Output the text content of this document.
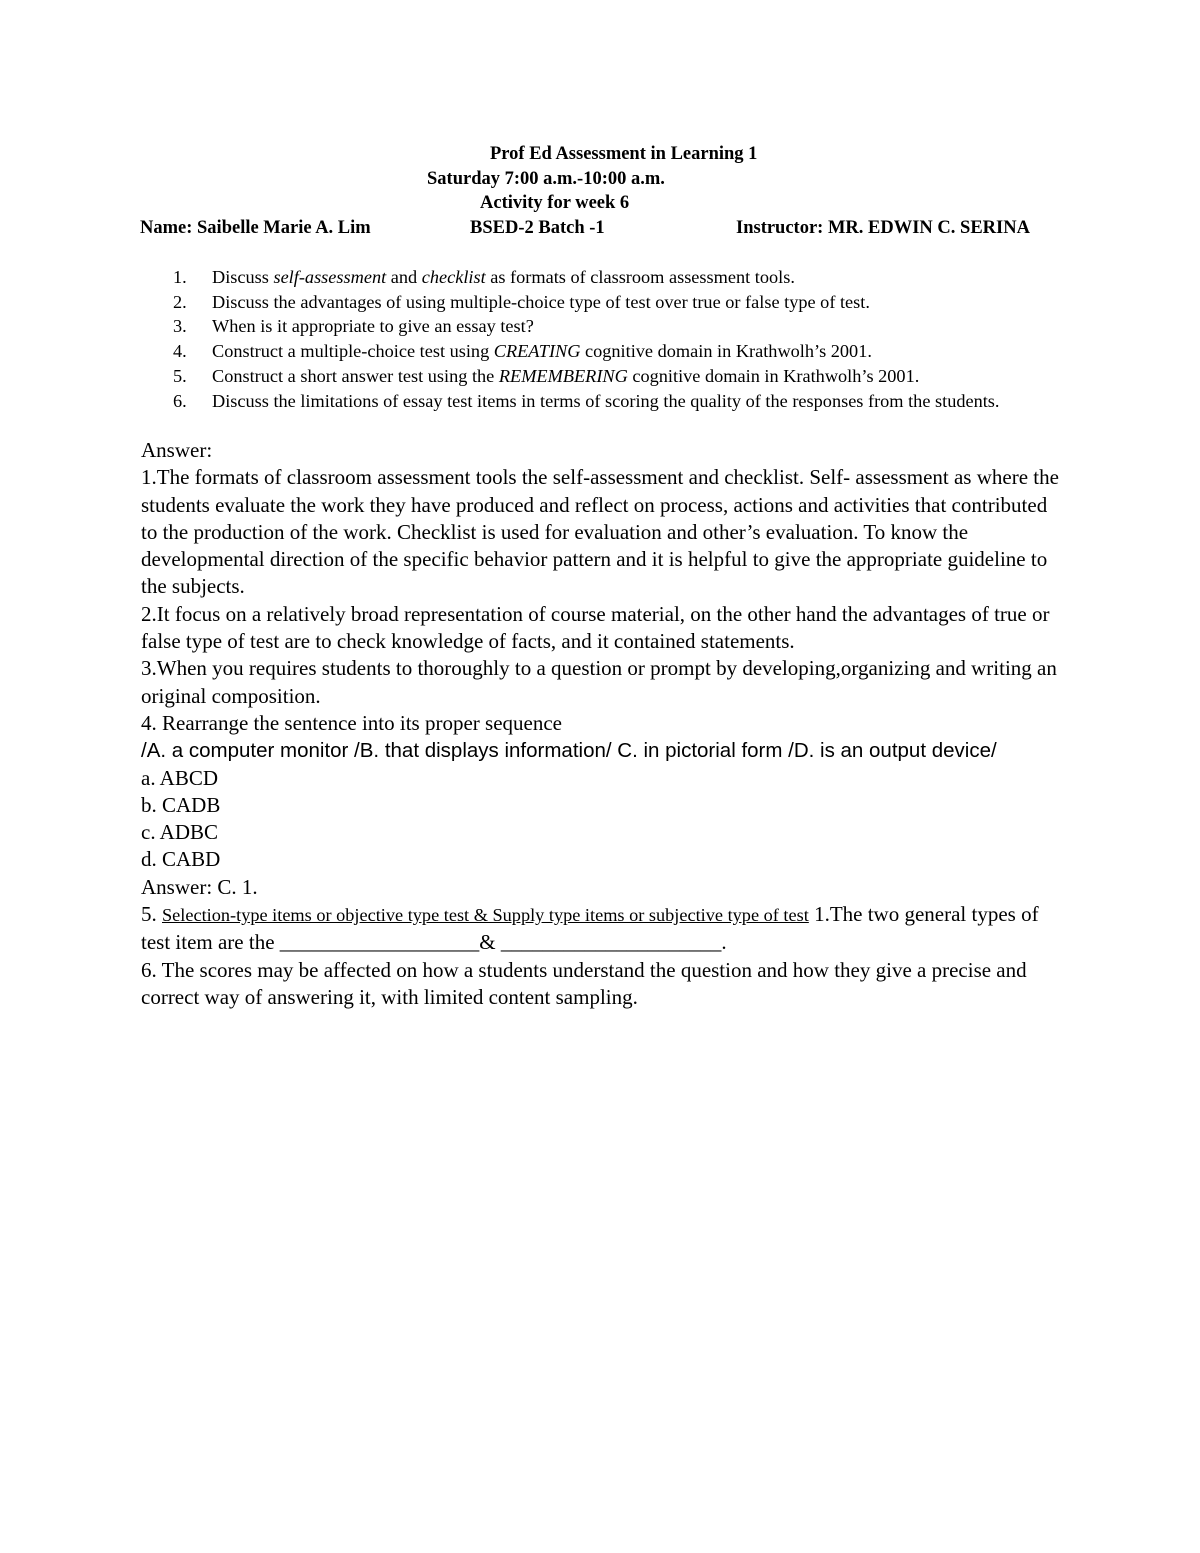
Prof Ed Assessment in Learning 1
Saturday 7:00 a.m.-10:00 a.m.
Activity for week 6
Name: Saibelle Marie A. Lim	BSED-2 Batch -1	Instructor: MR. EDWIN C. SERINA
1.	Discuss self-assessment and checklist as formats of classroom assessment tools.
2.	Discuss the advantages of using multiple-choice type of test over true or false type of test.
3.	When is it appropriate to give an essay test?
4.	Construct a multiple-choice test using CREATING cognitive domain in Krathwolh’s 2001.
5.	Construct a short answer test using the REMEMBERING cognitive domain in Krathwolh’s 2001.
6.	Discuss the limitations of essay test items in terms of scoring the quality of the responses from the students.

Answer:

1.The formats of classroom assessment tools the self-assessment and checklist. Self- assessment as where the students evaluate the work they have produced and reflect on process, actions and activities that contributed to the production of the work. Checklist is used for evaluation and other’s evaluation. To know the developmental direction of the specific behavior pattern and it is helpful to give the appropriate guideline to the subjects.

2.It focus on a relatively broad representation of course material, on the other hand the advantages of true or false type of test are to check knowledge of facts, and it contained statements.

3.When you requires students to thoroughly to a question or prompt by developing,organizing and writing an original composition.

4. Rearrange the sentence into its proper sequence

/A. a computer monitor /B. that displays information/ C. in pictorial form /D. is an output device/

a. ABCD

b. CADB

c. ADBC

d. CABD

Answer: C. 1.

5. Selection-type items or objective type test & Supply type items or subjective type of test 1.The two general types of test item are the ___________________& _____________________.

6. The scores may be affected on how a students understand the question and how they give a precise and correct way of answering it, with limited content sampling.
